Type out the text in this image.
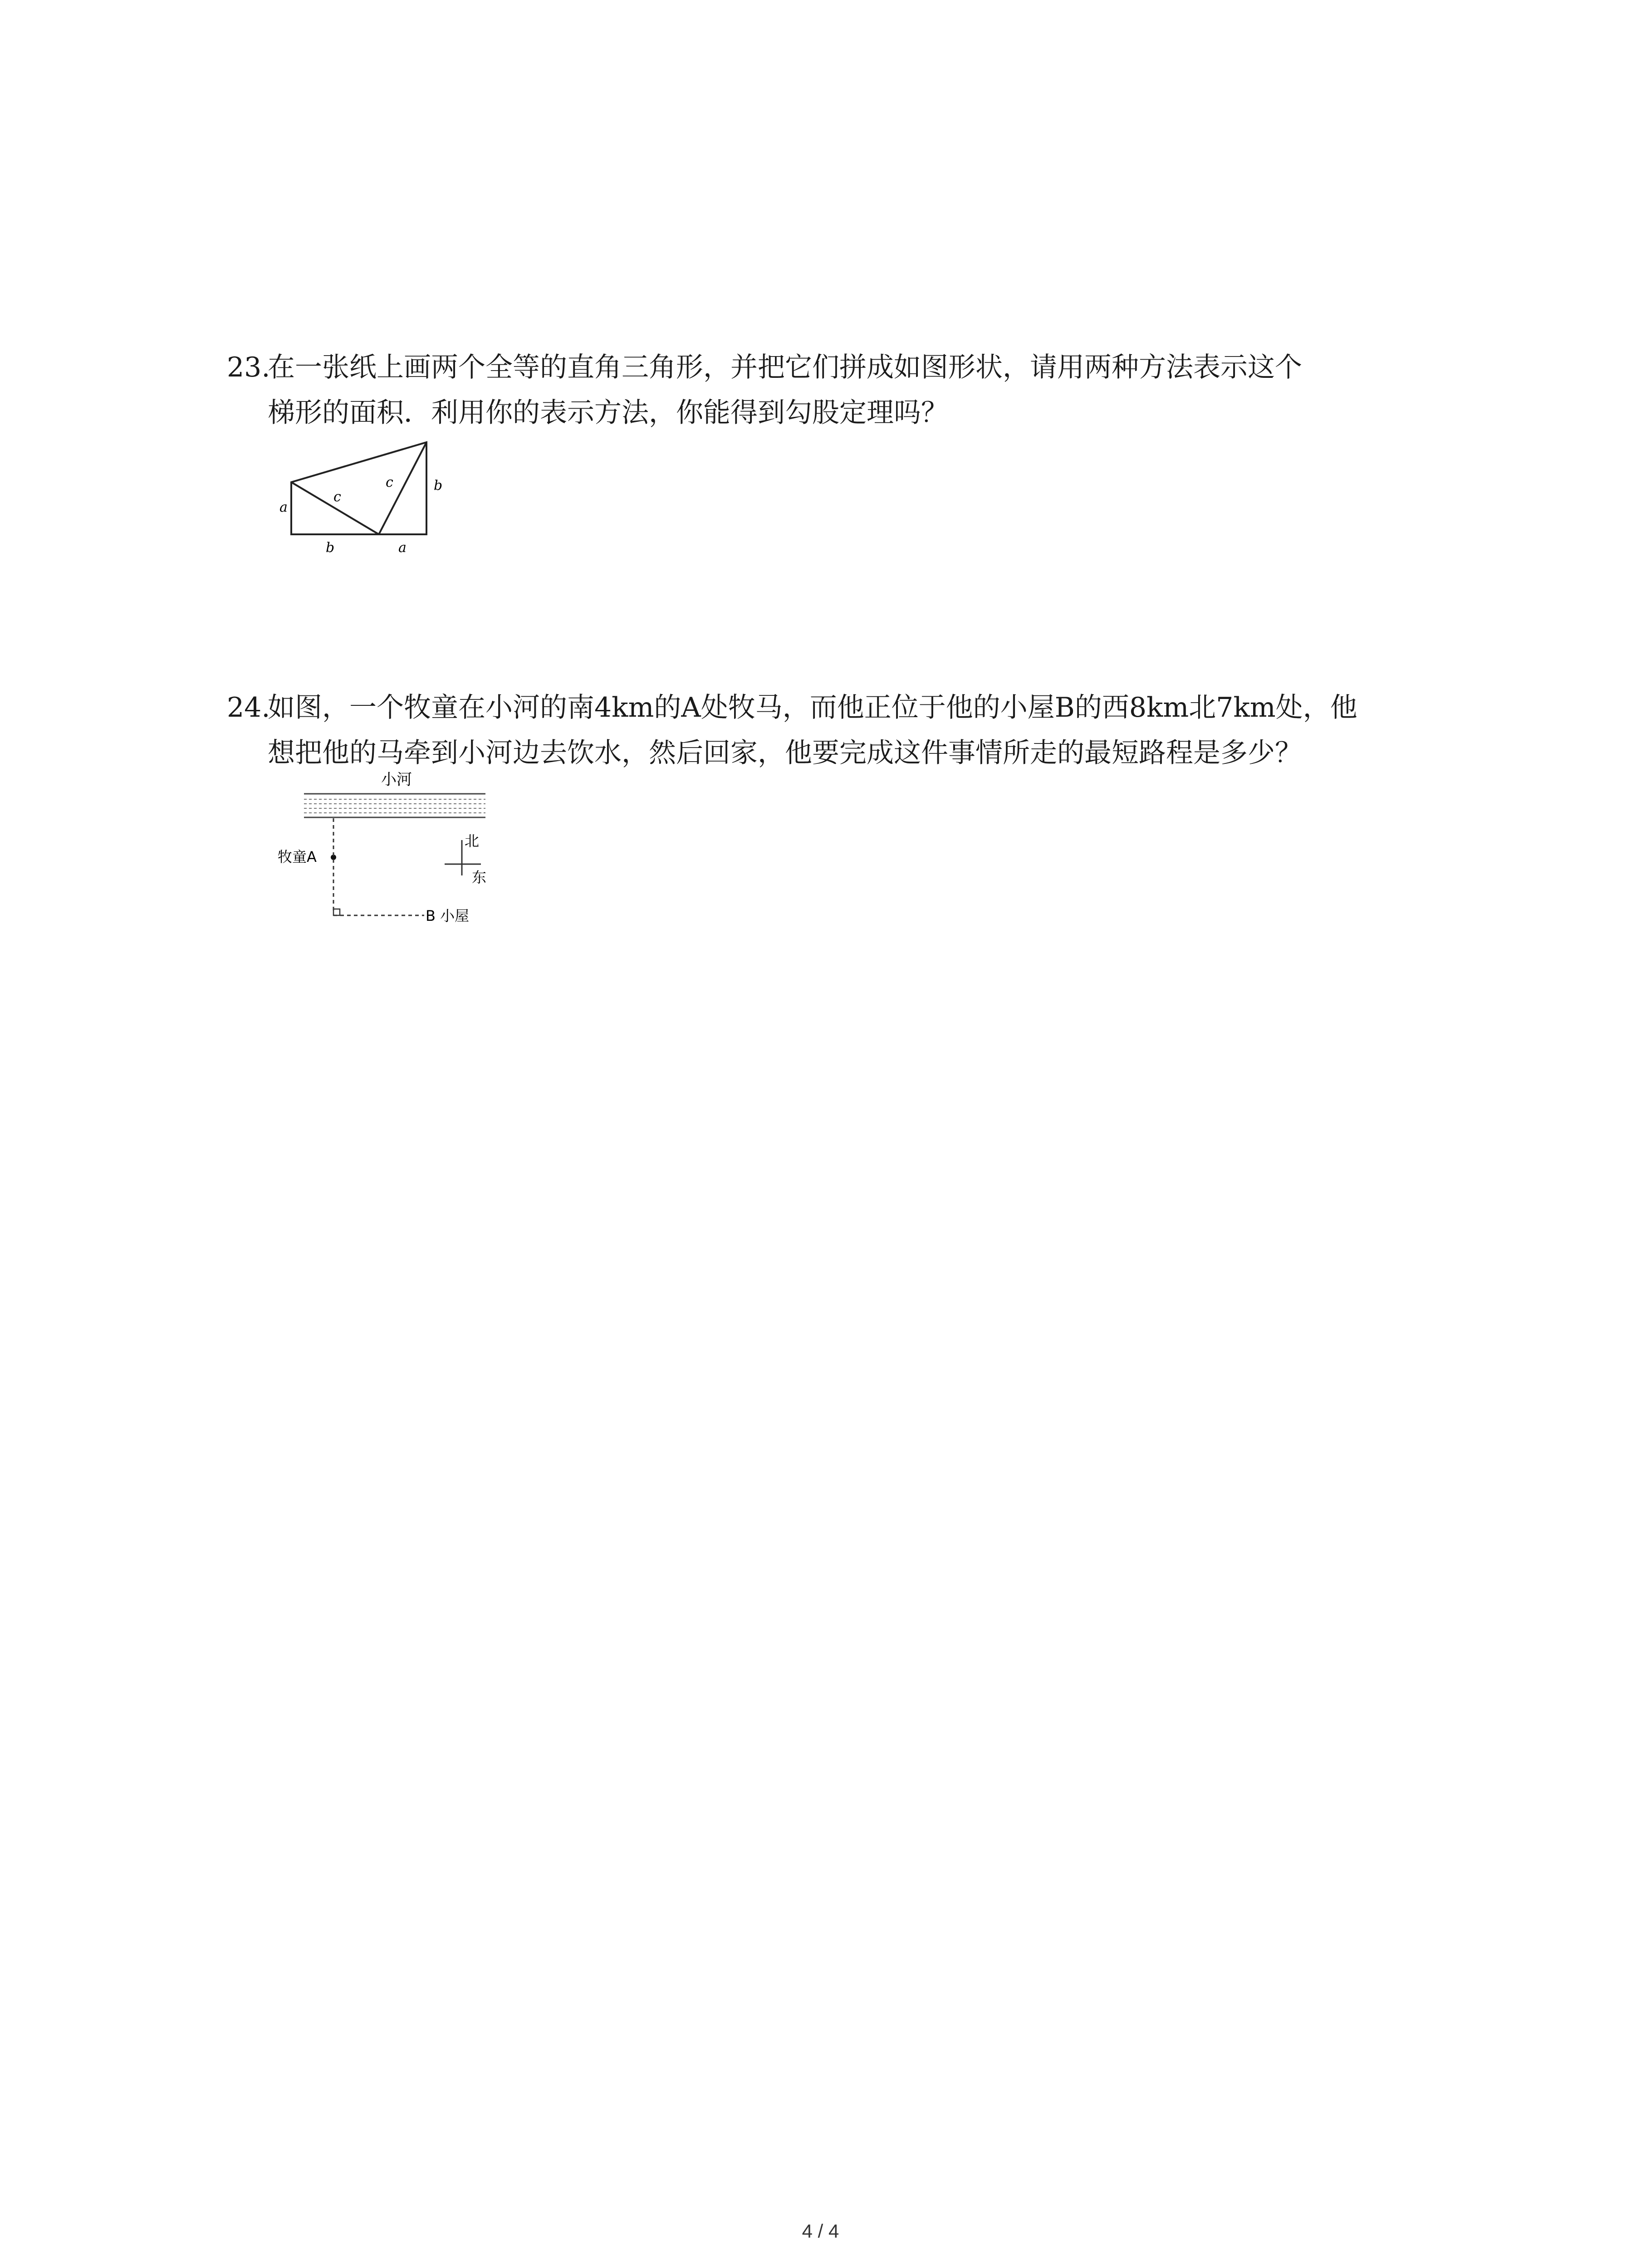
23.在一张纸上画两个全等的直角三角形，并把它们拼成如图形状，请用两种方法表示这个
梯形的面积．利用你的表示方法，你能得到勾股定理吗？
a
c
c	b
b	a
24.如图，一个牧童在小河的南4km的A处牧马，而他正位于他的小屋B的西8km北7km处，他
想把他的马牵到小河边去饮水，然后回家，他要完成这件事情所走的最短路程是多少？
小河
牧童A
B 小屋
北
东
4 / 4
